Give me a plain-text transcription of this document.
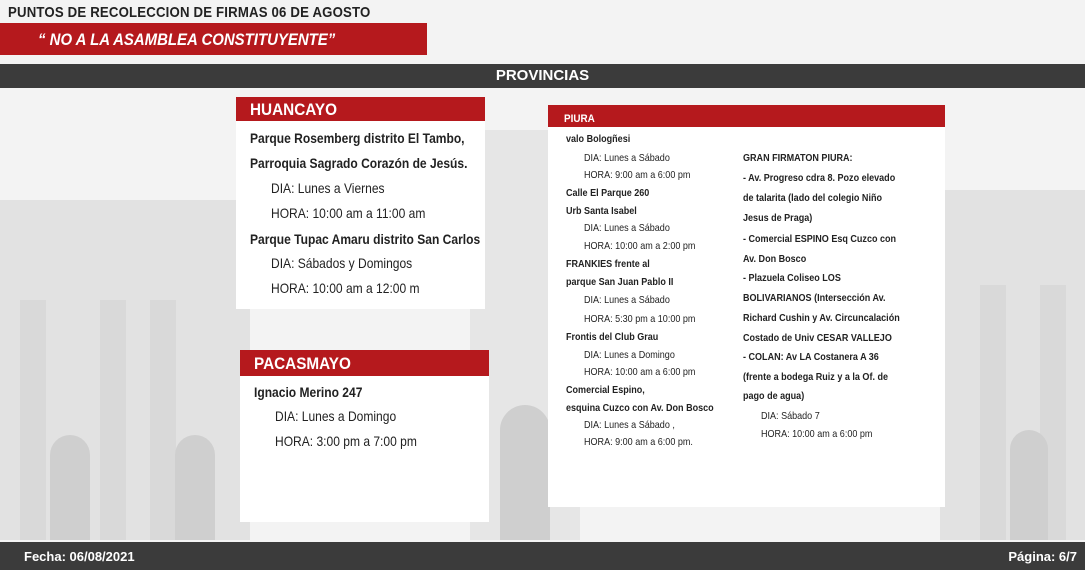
PUNTOS DE RECOLECCION DE FIRMAS 06 DE AGOSTO
“ NO A LA ASAMBLEA CONSTITUYENTE”
PROVINCIAS
HUANCAYO
Parque Rosemberg distrito El Tambo,
Parroquia Sagrado Corazón de Jesús.
DIA: Lunes a Viernes
HORA: 10:00 am a 11:00 am
Parque Tupac Amaru distrito San Carlos
DIA: Sábados y Domingos
HORA: 10:00 am a 12:00 m
PACASMAYO
Ignacio Merino 247
DIA: Lunes a Domingo
HORA: 3:00 pm a 7:00 pm
PIURA
valo Bologñesi
DIA: Lunes a Sábado
HORA: 9:00 am a 6:00 pm
Calle El Parque 260
Urb Santa Isabel
DIA: Lunes a Sábado
HORA: 10:00 am a 2:00 pm
FRANKIES frente al
parque San Juan Pablo II
DIA: Lunes a Sábado
HORA: 5:30 pm a 10:00 pm
Frontis del Club Grau
DIA: Lunes a Domingo
HORA: 10:00 am a 6:00 pm
Comercial Espino,
esquina Cuzco con Av. Don Bosco
DIA: Lunes a Sábado ,
HORA: 9:00 am a 6:00 pm.
GRAN FIRMATON PIURA:
- Av. Progreso cdra 8. Pozo elevado
de talarita (lado del colegio Niño
Jesus de Praga)
- Comercial ESPINO Esq Cuzco con
Av. Don Bosco
- Plazuela Coliseo LOS
BOLIVARIANOS (Intersección Av.
Richard Cushin y Av. Circuncalación
Costado de Univ CESAR VALLEJO
- COLAN: Av LA Costanera A 36
(frente a bodega Ruiz y a la Of. de
pago de agua)
DIA: Sábado 7
HORA: 10:00 am a 6:00 pm
Fecha: 06/08/2021	Página: 6/7
